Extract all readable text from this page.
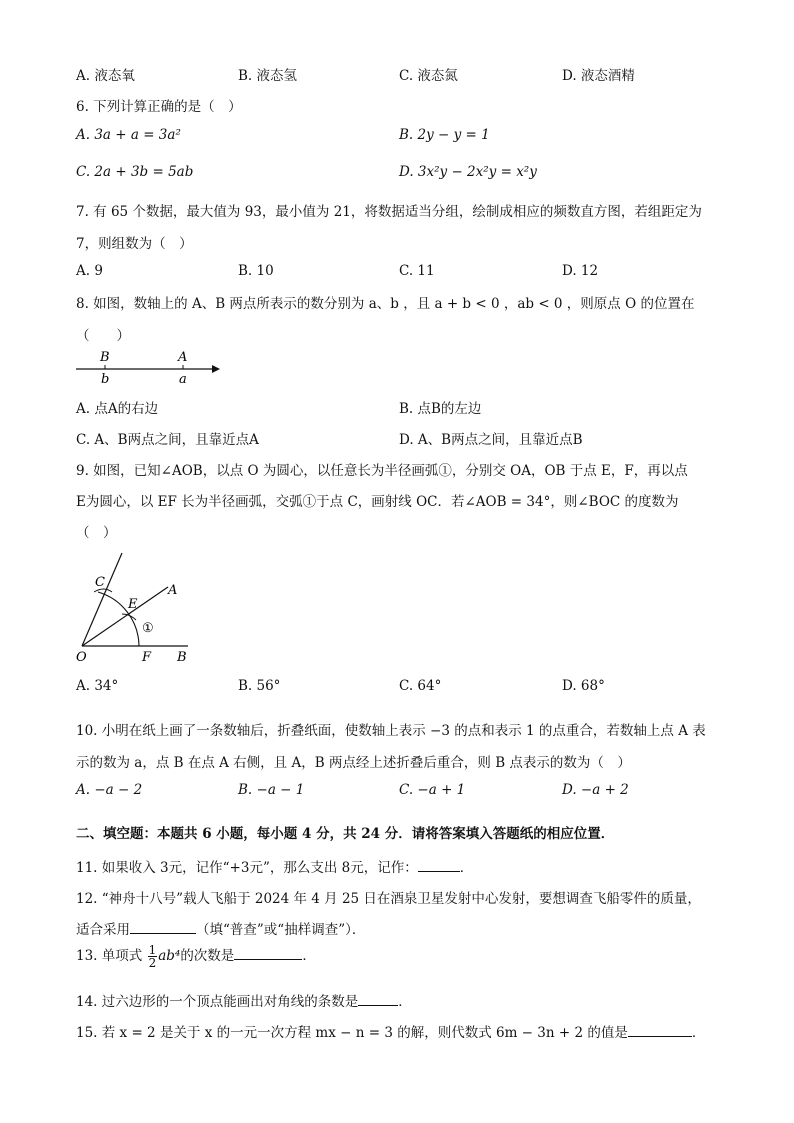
A. 液态氧	B. 液态氢	C. 液态氮	D. 液态酒精
6. 下列计算正确的是（　）
A. 3a + a = 3a²	B. 2y − y = 1
C. 2a + 3b = 5ab	D. 3x²y − 2x²y = x²y
7. 有 65 个数据，最大值为 93，最小值为 21，将数据适当分组，绘制成相应的频数直方图，若组距定为
7，则组数为（　）
A. 9	B. 10	C. 11	D. 12
8. 如图，数轴上的 A、B 两点所表示的数分别为 a、b ，且 a + b < 0 ，ab < 0 ，则原点 O 的位置在
（　　）
B	A
b	a
A. 点A的右边	B. 点B的左边
C. A、B两点之间，且靠近点A	D. A、B两点之间，且靠近点B
9. 如图，已知∠AOB，以点 O 为圆心，以任意长为半径画弧①，分别交 OA，OB 于点 E，F，再以点
E为圆心，以 EF 长为半径画弧，交弧①于点 C，画射线 OC．若∠AOB = 34°，则∠BOC 的度数为
（　）
C
E
A
①
O	F B
A. 34°	B. 56°	C. 64°	D. 68°
10. 小明在纸上画了一条数轴后，折叠纸面，使数轴上表示 −3 的点和表示 1 的点重合，若数轴上点 A 表
示的数为 a，点 B 在点 A 右侧，且 A，B 两点经上述折叠后重合，则 B 点表示的数为（　）
A. −a − 2	B. −a − 1	C. −a + 1	D. −a + 2
二、填空题：本题共 6 小题，每小题 4 分，共 24 分．请将答案填入答题纸的相应位置．
11. 如果收入 3元，记作“+3元”，那么支出 8元，记作：	．
12. “神舟十八号”载人飞船于 2024 年 4 月 25 日在酒泉卫星发射中心发射，要想调查飞船零件的质量，
适合采用	（填“普查”或“抽样调查”）．
13. 单项式 $\frac{1}{2} ab^4$的次数是	．
14. 过六边形的一个顶点能画出对角线的条数是	．
15. 若 x = 2 是关于 x 的一元一次方程 mx − n = 3 的解，则代数式 6m − 3n + 2 的值是	．
